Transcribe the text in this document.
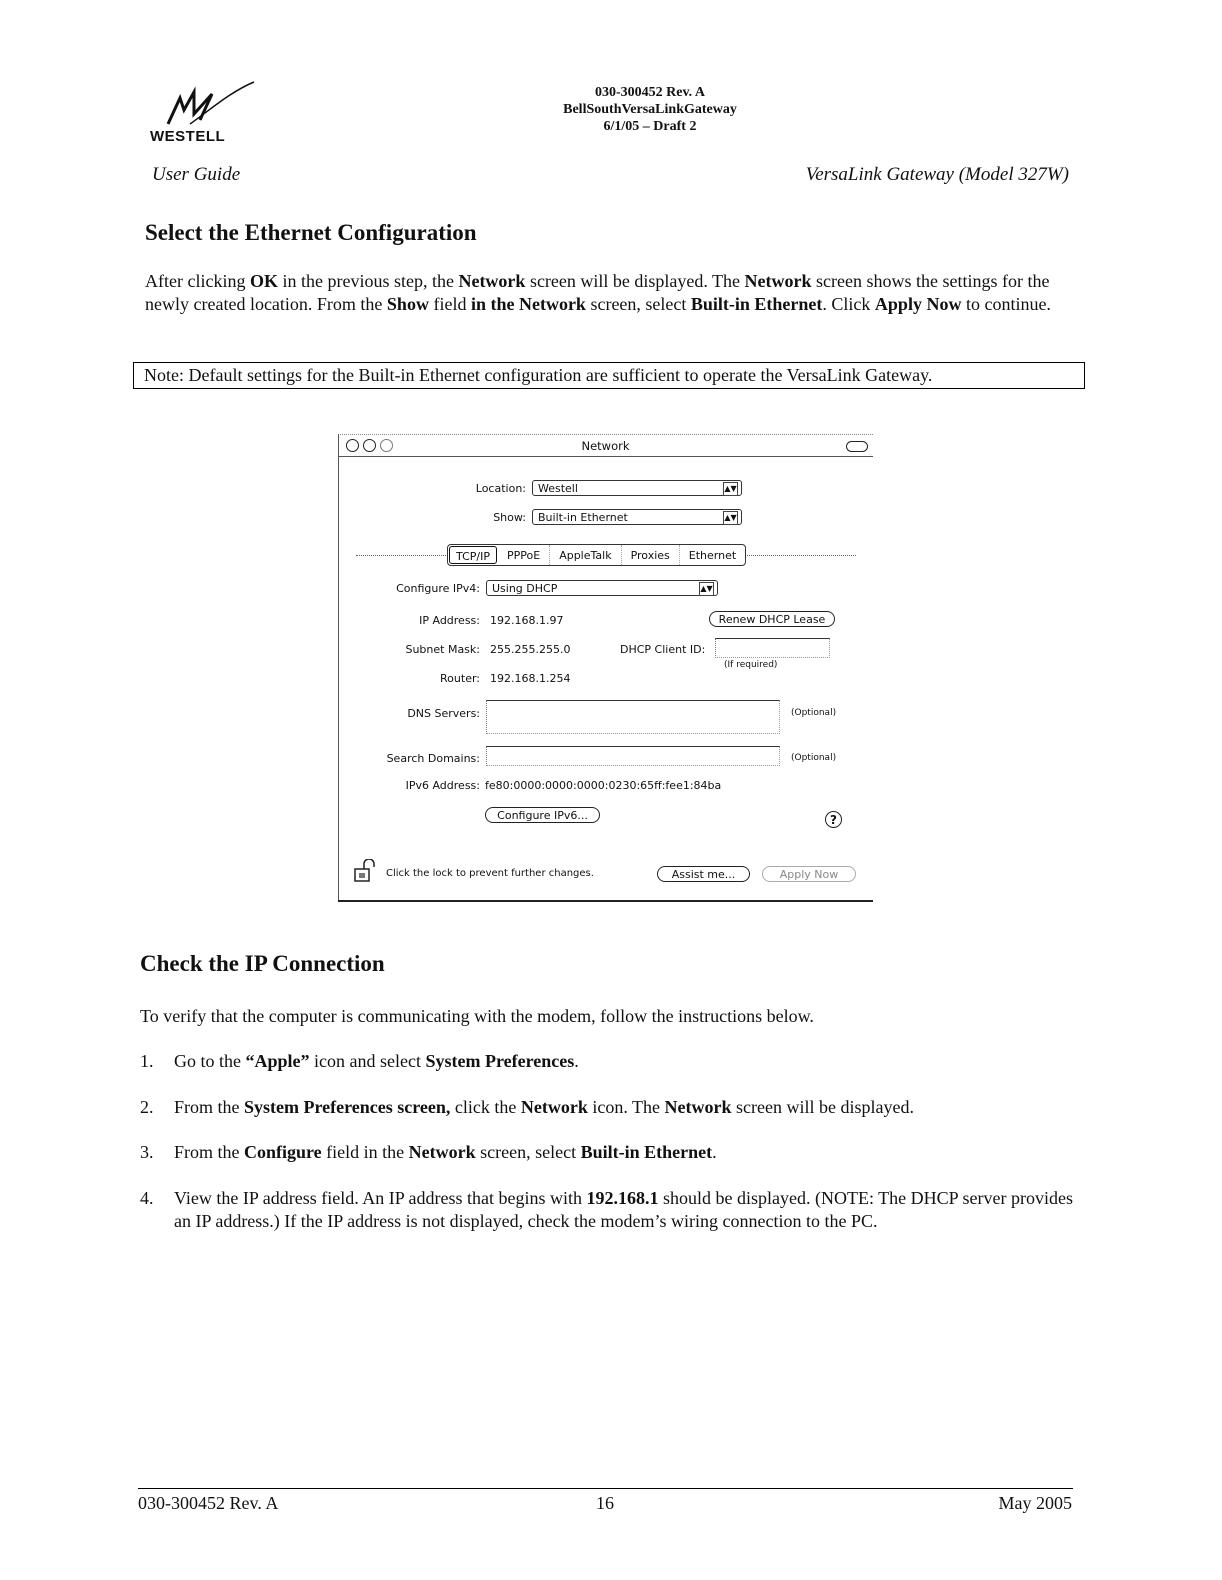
WESTELL
030-300452 Rev. A
BellSouthVersaLinkGateway
6/1/05 – Draft 2
User Guide	VersaLink Gateway (Model 327W)
Select the Ethernet Configuration
After clicking OK in the previous step, the Network screen will be displayed. The Network screen shows the settings for the newly created location. From the Show field in the Network screen, select Built-in Ethernet. Click Apply Now to continue.
Note: Default settings for the Built-in Ethernet configuration are sufficient to operate the VersaLink Gateway.
Network
Location:	Westell	▲▼
Show:	Built-in Ethernet	▲▼
TCP/IP	PPPoE	AppleTalk	Proxies	Ethernet
Configure IPv4:	Using DHCP	▲▼
IP Address: 192.168.1.97	Renew DHCP Lease
Subnet Mask: 255.255.255.0	DHCP Client ID:
(If required)
Router: 192.168.1.254
DNS Servers:	(Optional)
Search Domains:	(Optional)
IPv6 Address: fe80:0000:0000:0000:0230:65ff:fee1:84ba
Configure IPv6...	?
Click the lock to prevent further changes.	Assist me...	Apply Now
Check the IP Connection
To verify that the computer is communicating with the modem, follow the instructions below.
1.	Go to the “Apple” icon and select System Preferences.
2.	From the System Preferences screen, click the Network icon. The Network screen will be displayed.
3.	From the Configure field in the Network screen, select Built-in Ethernet.
4.	View the IP address field. An IP address that begins with 192.168.1 should be displayed. (NOTE: The DHCP server provides an IP address.) If the IP address is not displayed, check the modem’s wiring connection to the PC.
030-300452 Rev. A	16	May 2005
